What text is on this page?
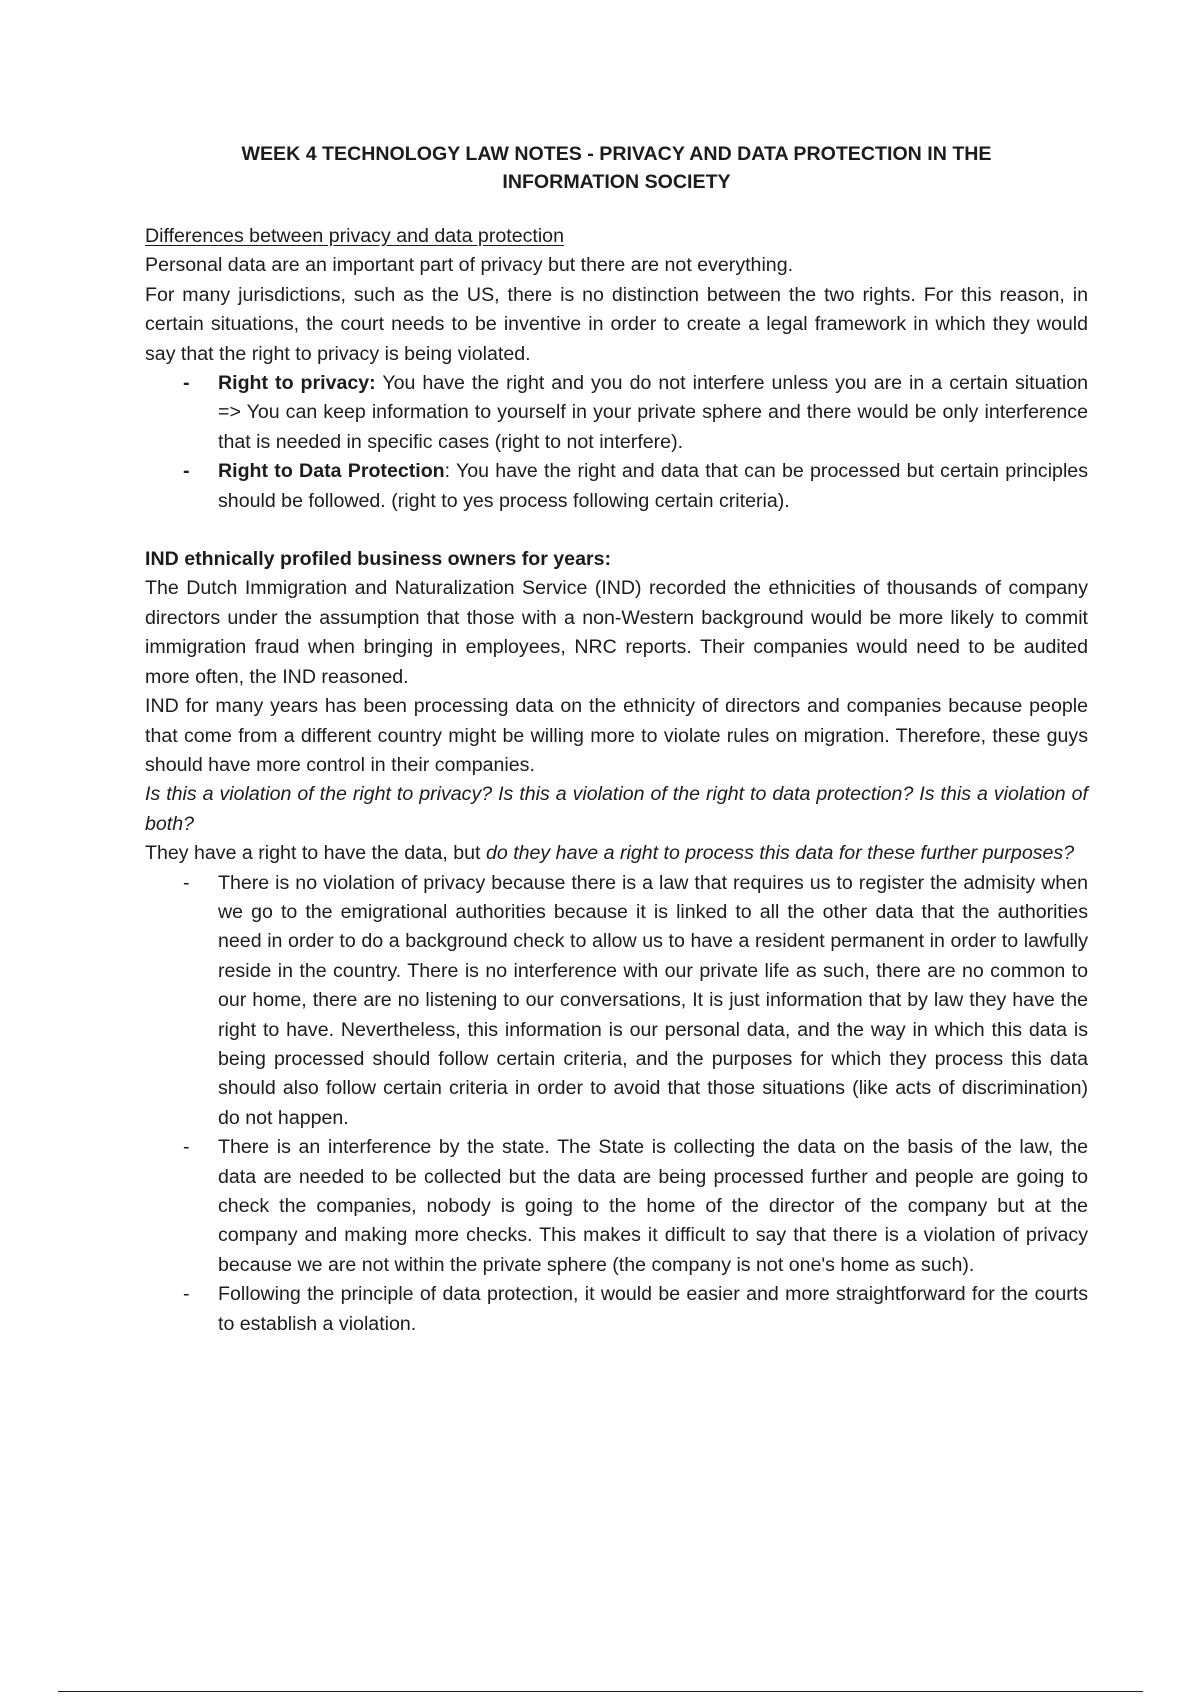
WEEK 4 TECHNOLOGY LAW NOTES - PRIVACY AND DATA PROTECTION IN THE
INFORMATION SOCIETY
Differences between privacy and data protection

Personal data are an important part of privacy but there are not everything.

For many jurisdictions, such as the US, there is no distinction between the two rights. For this reason, in certain situations, the court needs to be inventive in order to create a legal framework in which they would say that the right to privacy is being violated.

- Right to privacy: You have the right and you do not interfere unless you are in a certain situation => You can keep information to yourself in your private sphere and there would be only interference that is needed in specific cases (right to not interfere).
- Right to Data Protection: You have the right and data that can be processed but certain principles should be followed. (right to yes process following certain criteria).

IND ethnically profiled business owners for years:

The Dutch Immigration and Naturalization Service (IND) recorded the ethnicities of thousands of company directors under the assumption that those with a non-Western background would be more likely to commit immigration fraud when bringing in employees, NRC reports. Their companies would need to be audited more often, the IND reasoned.

IND for many years has been processing data on the ethnicity of directors and companies because people that come from a different country might be willing more to violate rules on migration. Therefore, these guys should have more control in their companies.

Is this a violation of the right to privacy? Is this a violation of the right to data protection? Is this a violation of both?

They have a right to have the data, but do they have a right to process this data for these further purposes?

- There is no violation of privacy because there is a law that requires us to register the admisity when we go to the emigrational authorities because it is linked to all the other data that the authorities need in order to do a background check to allow us to have a resident permanent in order to lawfully reside in the country. There is no interference with our private life as such, there are no common to our home, there are no listening to our conversations, It is just information that by law they have the right to have. Nevertheless, this information is our personal data, and the way in which this data is being processed should follow certain criteria, and the purposes for which they process this data should also follow certain criteria in order to avoid that those situations (like acts of discrimination) do not happen.
- There is an interference by the state. The State is collecting the data on the basis of the law, the data are needed to be collected but the data are being processed further and people are going to check the companies, nobody is going to the home of the director of the company but at the company and making more checks. This makes it difficult to say that there is a violation of privacy because we are not within the private sphere (the company is not one's home as such).
- Following the principle of data protection, it would be easier and more straightforward for the courts to establish a violation.
